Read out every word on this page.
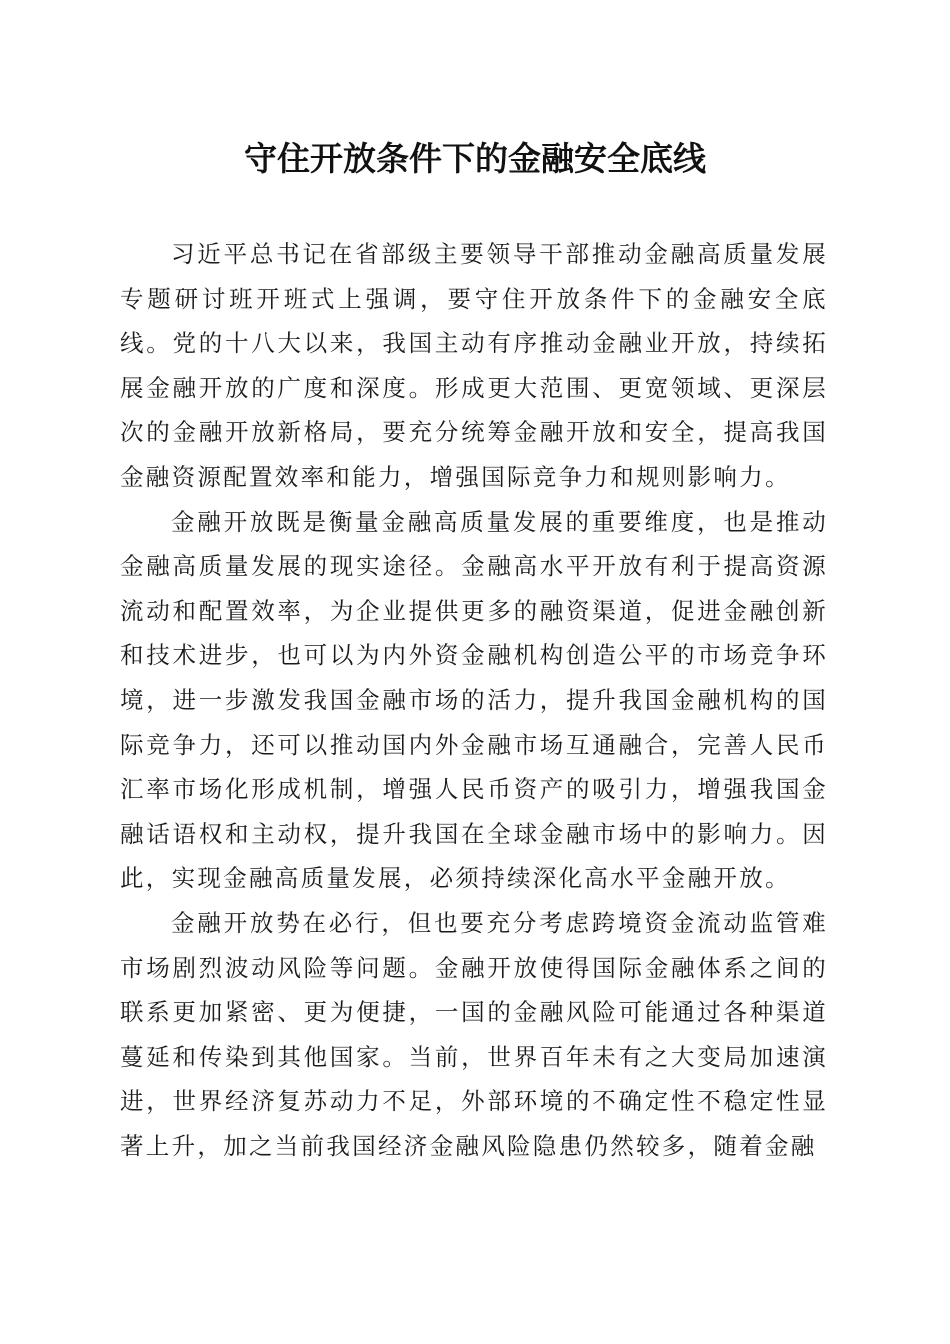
守住开放条件下的金融安全底线

习近平总书记在省部级主要领导干部推动金融高质量发展专题研讨班开班式上强调，要守住开放条件下的金融安全底线。党的十八大以来，我国主动有序推动金融业开放，持续拓展金融开放的广度和深度。形成更大范围、更宽领域、更深层次的金融开放新格局，要充分统筹金融开放和安全，提高我国金融资源配置效率和能力，增强国际竞争力和规则影响力。

金融开放既是衡量金融高质量发展的重要维度，也是推动金融高质量发展的现实途径。金融高水平开放有利于提高资源流动和配置效率，为企业提供更多的融资渠道，促进金融创新和技术进步，也可以为内外资金融机构创造公平的市场竞争环境，进一步激发我国金融市场的活力，提升我国金融机构的国际竞争力，还可以推动国内外金融市场互通融合，完善人民币汇率市场化形成机制，增强人民币资产的吸引力，增强我国金融话语权和主动权，提升我国在全球金融市场中的影响力。因此，实现金融高质量发展，必须持续深化高水平金融开放。

金融开放势在必行，但也要充分考虑跨境资金流动监管难市场剧烈波动风险等问题。金融开放使得国际金融体系之间的联系更加紧密、更为便捷，一国的金融风险可能通过各种渠道蔓延和传染到其他国家。当前，世界百年未有之大变局加速演进，世界经济复苏动力不足，外部环境的不确定性不稳定性显著上升，加之当前我国经济金融风险隐患仍然较多，随着金融
